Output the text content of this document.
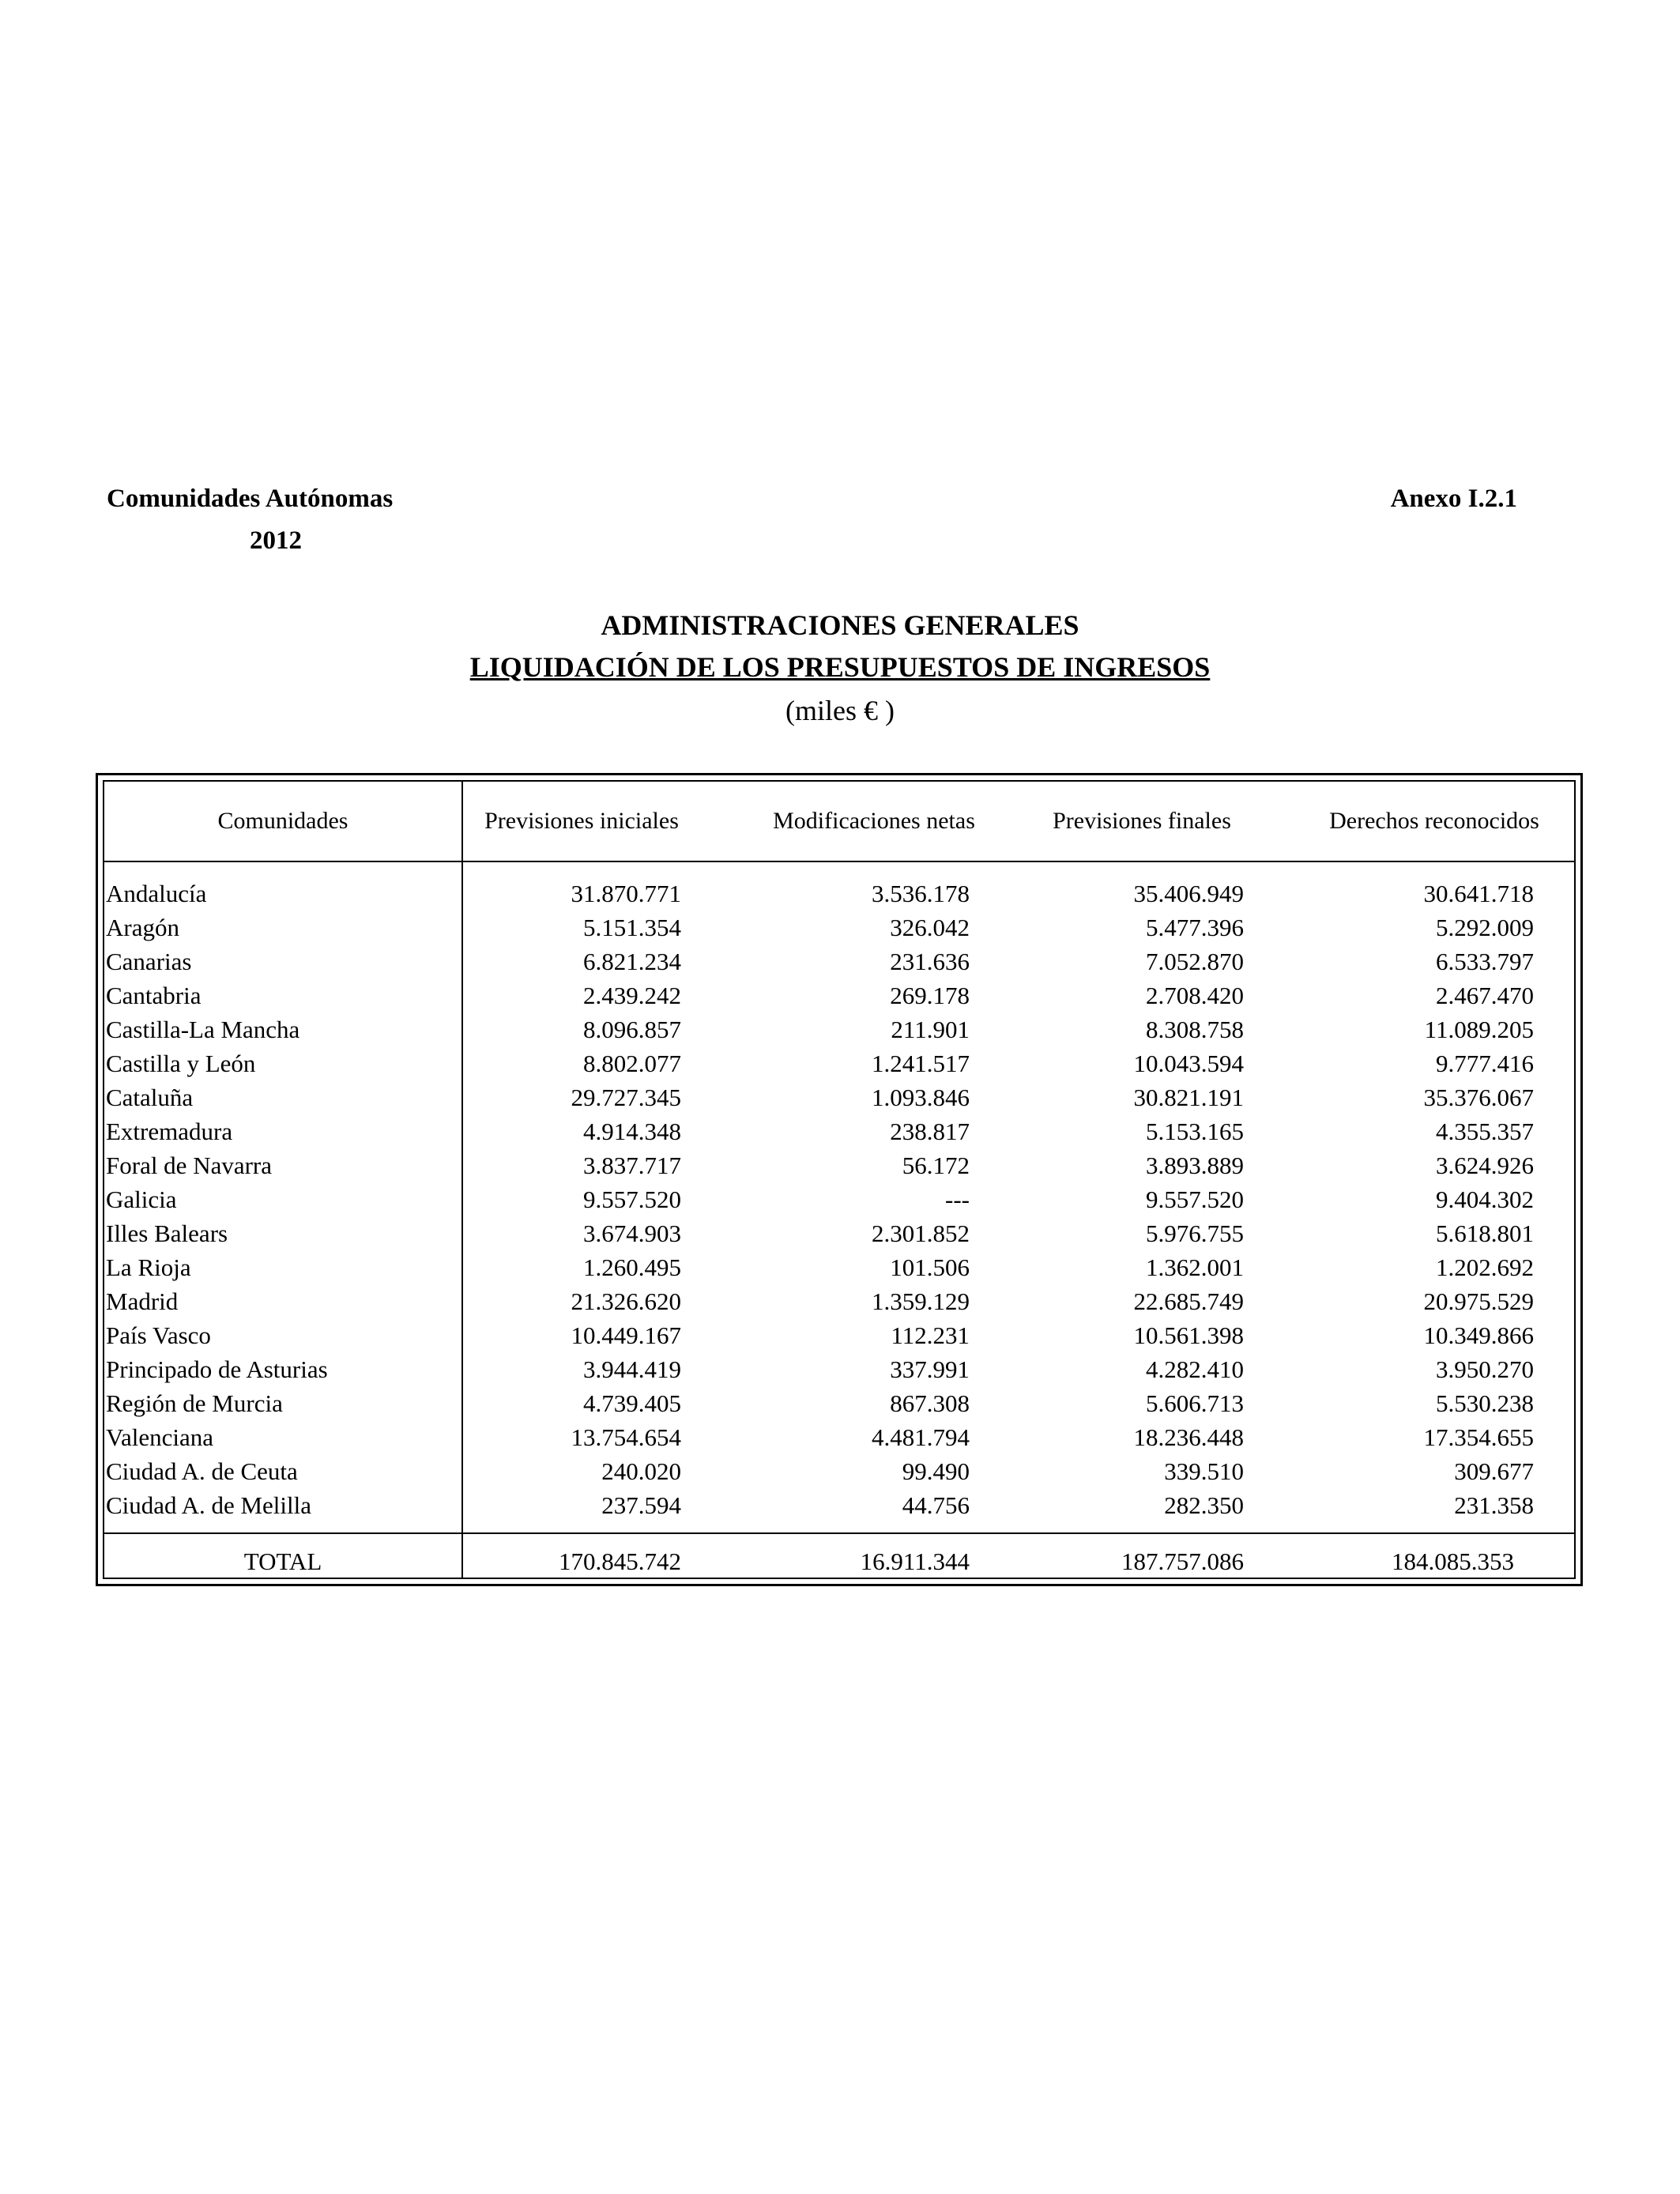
Comunidades Autónomas
2012
Anexo I.2.1
ADMINISTRACIONES GENERALES
LIQUIDACIÓN DE LOS PRESUPUESTOS DE INGRESOS
(miles € )
Comunidades	Previsiones iniciales	Modificaciones netas	Previsiones finales	Derechos reconocidos
Andalucía	31.870.771	3.536.178	35.406.949	30.641.718
Aragón	5.151.354	326.042	5.477.396	5.292.009
Canarias	6.821.234	231.636	7.052.870	6.533.797
Cantabria	2.439.242	269.178	2.708.420	2.467.470
Castilla-La Mancha	8.096.857	211.901	8.308.758	11.089.205
Castilla y León	8.802.077	1.241.517	10.043.594	9.777.416
Cataluña	29.727.345	1.093.846	30.821.191	35.376.067
Extremadura	4.914.348	238.817	5.153.165	4.355.357
Foral de Navarra	3.837.717	56.172	3.893.889	3.624.926
Galicia	9.557.520	---	9.557.520	9.404.302
Illes Balears	3.674.903	2.301.852	5.976.755	5.618.801
La Rioja	1.260.495	101.506	1.362.001	1.202.692
Madrid	21.326.620	1.359.129	22.685.749	20.975.529
País Vasco	10.449.167	112.231	10.561.398	10.349.866
Principado de Asturias	3.944.419	337.991	4.282.410	3.950.270
Región de Murcia	4.739.405	867.308	5.606.713	5.530.238
Valenciana	13.754.654	4.481.794	18.236.448	17.354.655
Ciudad A. de Ceuta	240.020	99.490	339.510	309.677
Ciudad A. de Melilla	237.594	44.756	282.350	231.358
TOTAL	170.845.742	16.911.344	187.757.086	184.085.353
